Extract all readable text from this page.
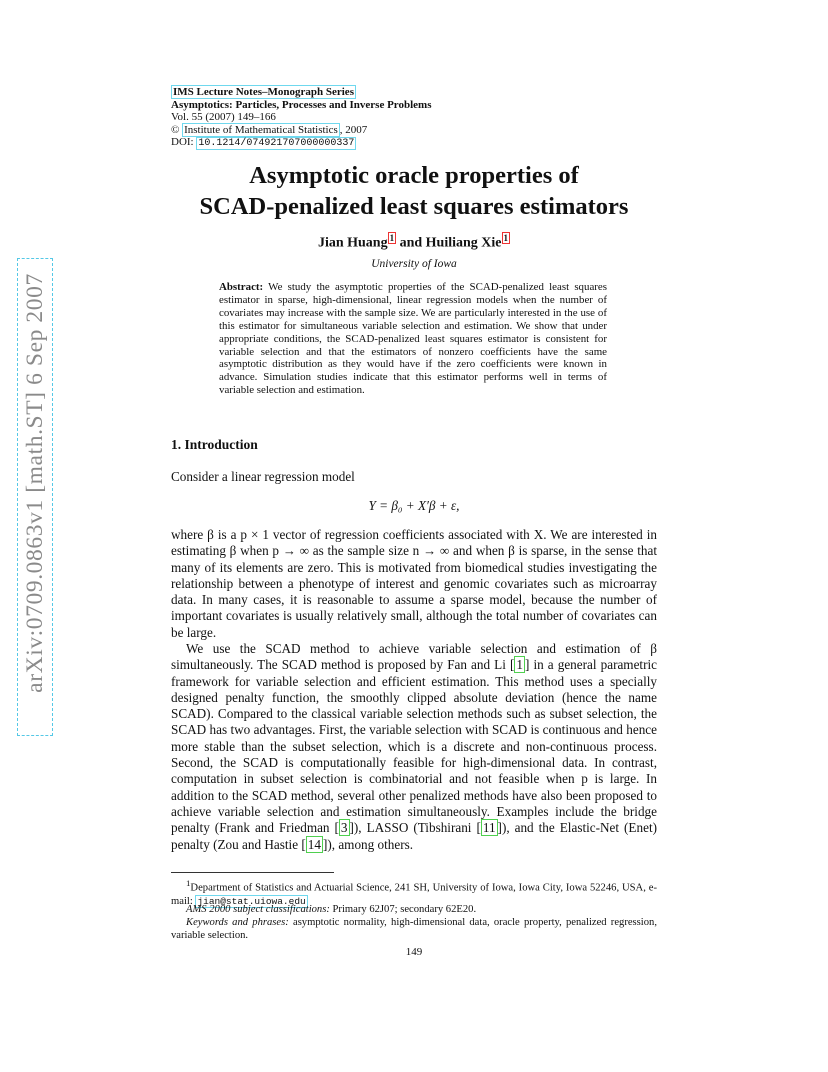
arXiv:0709.0863v1 [math.ST] 6 Sep 2007
IMS Lecture Notes–Monograph Series
Asymptotics: Particles, Processes and Inverse Problems
Vol. 55 (2007) 149–166
© Institute of Mathematical Statistics , 2007
DOI: 10.1214/074921707000000337
Asymptotic oracle properties of
SCAD-penalized least squares estimators
Jian Huang $^1$ and Huiliang Xie $^1$
University of Iowa
Abstract: We study the asymptotic properties of the SCAD-penalized least squares estimator in sparse, high-dimensional, linear regression models when the number of covariates may increase with the sample size. We are particularly interested in the use of this estimator for simultaneous variable selection and estimation. We show that under appropriate conditions, the SCAD-penalized least squares estimator is consistent for variable selection and that the estimators of nonzero coefficients have the same asymptotic distribution as they would have if the zero coefficients were known in advance. Simulation studies indicate that this estimator performs well in terms of variable selection and estimation.
1. Introduction
Consider a linear regression model
Y = β₀ + X′β + ε,
where β is a p × 1 vector of regression coefficients associated with X. We are interested in estimating β when p → ∞ as the sample size n → ∞ and when β is sparse, in the sense that many of its elements are zero. This is motivated from biomedical studies investigating the relationship between a phenotype of interest and genomic covariates such as microarray data. In many cases, it is reasonable to assume a sparse model, because the number of important covariates is usually relatively small, although the total number of covariates can be large.
We use the SCAD method to achieve variable selection and estimation of β simultaneously. The SCAD method is proposed by Fan and Li [ 1 ] in a general parametric framework for variable selection and efficient estimation. This method uses a specially designed penalty function, the smoothly clipped absolute deviation (hence the name SCAD). Compared to the classical variable selection methods such as subset selection, the SCAD has two advantages. First, the variable selection with SCAD is continuous and hence more stable than the subset selection, which is a discrete and non-continuous process. Second, the SCAD is computationally feasible for high-dimensional data. In contrast, computation in subset selection is combinatorial and not feasible when p is large. In addition to the SCAD method, several other penalized methods have also been proposed to achieve variable selection and estimation simultaneously. Examples include the bridge penalty (Frank and Friedman [ 3 ]), LASSO (Tibshirani [ 11 ]), and the Elastic-Net (Enet) penalty (Zou and Hastie [ 14 ]), among others.
$^1$Department of Statistics and Actuarial Science, 241 SH, University of Iowa, Iowa City, Iowa 52246, USA, e-mail: jian@stat.uiowa.edu
AMS 2000 subject classifications: Primary 62J07; secondary 62E20.
Keywords and phrases: asymptotic normality, high-dimensional data, oracle property, penalized regression, variable selection.
149
